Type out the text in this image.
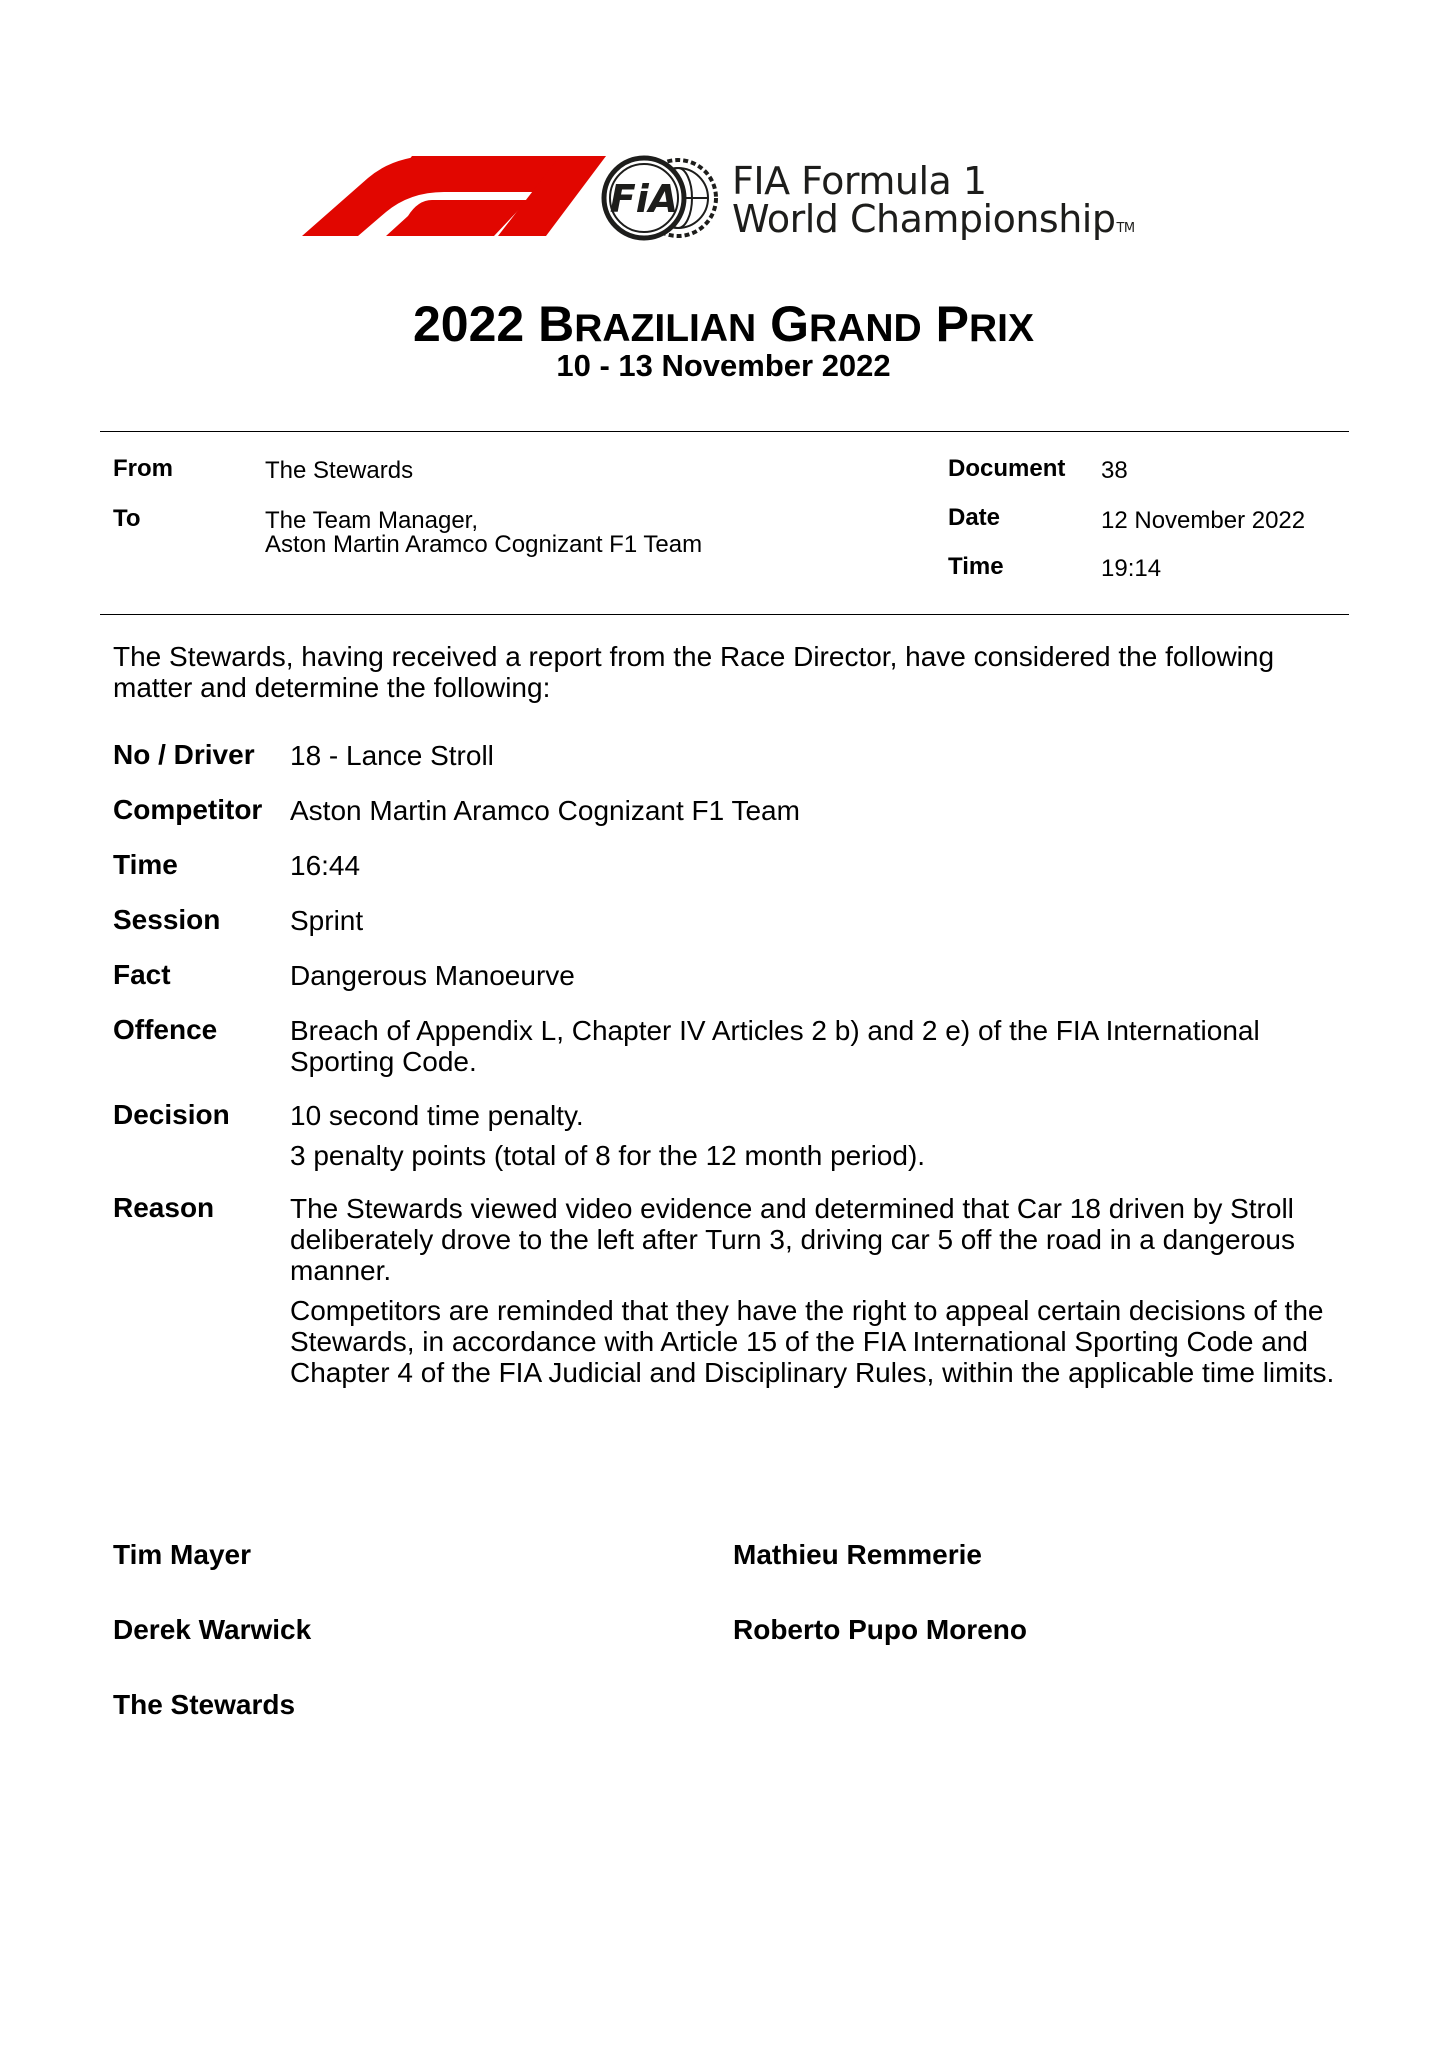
FiA FIA Formula 1
World ChampionshipTM
2022 BRAZILIAN GRAND PRIX
10 - 13 November 2022
From	The Stewards
To	The Team Manager,
Aston Martin Aramco Cognizant F1 Team
Document 38
Date	12 November 2022
Time	19:14
The Stewards, having received a report from the Race Director, have considered the following matter and determine the following:
No / Driver 18 - Lance Stroll
Competitor Aston Martin Aramco Cognizant F1 Team
Time	16:44
Session Sprint
Fact	Dangerous Manoeurve
Offence	Breach of Appendix L, Chapter IV Articles 2 b) and 2 e) of the FIA International Sporting Code.
Decision 10 second time penalty.

3 penalty points (total of 8 for the 12 month period).

Reason	The Stewards viewed video evidence and determined that Car 18 driven by Stroll deliberately drove to the left after Turn 3, driving car 5 off the road in a dangerous manner.

Competitors are reminded that they have the right to appeal certain decisions of the Stewards, in accordance with Article 15 of the FIA International Sporting Code and Chapter 4 of the FIA Judicial and Disciplinary Rules, within the applicable time limits.

Tim Mayer	Mathieu Remmerie
Derek Warwick	Roberto Pupo Moreno
The Stewards
